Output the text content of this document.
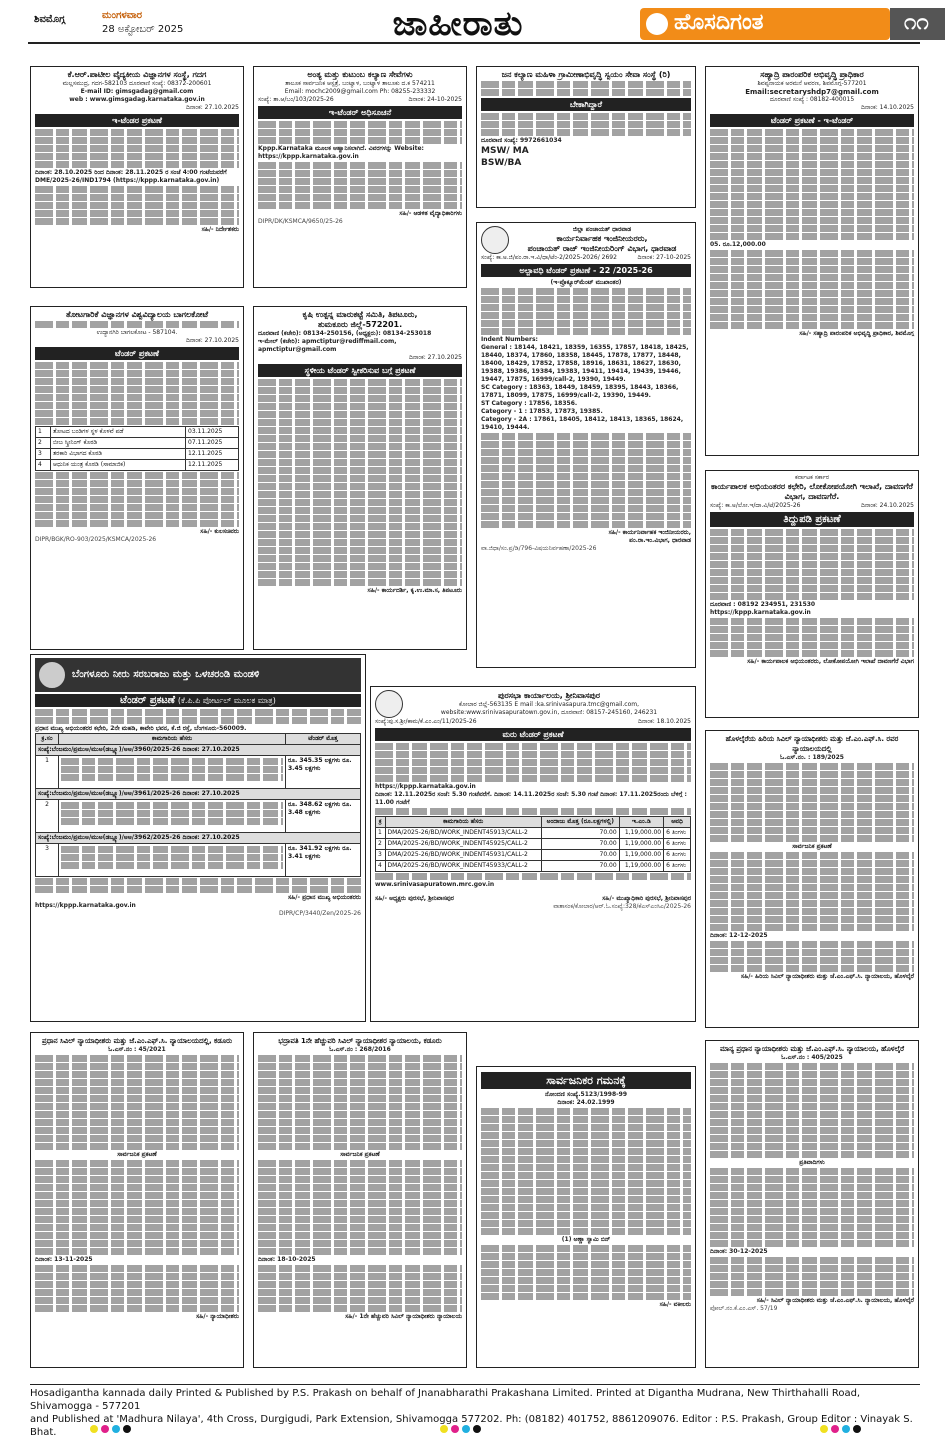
ಶಿವಮೊಗ್ಗ	ಮಂಗಳವಾರ
28 ಅಕ್ಟೋಬರ್ 2025	ಜಾಹೀರಾತು	ಹೊಸದಿಗಂತ	೧೧
ಕೆ.ಆರ್.ಪಾಟೀಲ ವೈದ್ಯಕೀಯ ವಿಜ್ಞಾನಗಳ ಸಂಸ್ಥೆ, ಗದಗ
ಮಲ್ಲಸಮುದ್ರ, ಗದಗ-582103 ದೂರವಾಣಿ ಸಂಖ್ಯೆ: 08372-200601
E-mail ID: gimsgadag@gmail.com
web : www.gimsgadag.karnataka.gov.in
ದಿನಾಂಕ: 27.10.2025
ಇ-ಟೆಂಡರ ಪ್ರಕಟಣೆ
ದಿನಾಂಕ: 28.10.2025 ರಿಂದ ದಿನಾಂಕ: 28.11.2025 ರ ಸಂಜೆ 4:00 ಗಂಟೆಯವರೆಗೆ DME/2025-26/IND1794 (https://kppp.karnataka.gov.in)
ಸಹಿ/- ನಿರ್ದೇಶಕರು
ಅಂತ್ಯ ಮತ್ತು ಕುಟುಂಬ ಕಲ್ಯಾಣ ಸೇವೆಗಳು
ತಾಲೂಕ ಸಾರ್ವಜನಿಕ ಆಸ್ಪತ್ರೆ, ಬಂಟ್ವಾಳ, ಬಂಟ್ವಾಳ ತಾಲೂಕು ದ.ಕ 574211
Email: mochc2009@gmail.com Ph: 08255-233332
ಸಂಖ್ಯೆ: ತಾ.ಆ/ಬಂ/103/2025-26	ದಿನಾಂಕ: 24-10-2025
ಇ-ಟೆಂಡರ್ ಅಧಿಸೂಚನೆ
Kppp.Karnataka ಮೂಲಕ ಆಹ್ವಾನಿಸಲಾಗಿದೆ. ವಿವರಗಳನ್ನು Website: https://kppp.karnataka.gov.in
ಸಹಿ/- ಆಡಳಿತ ವೈದ್ಯಾಧಿಕಾರಿಗಳು
DIPR/DK/KSMCA/9650/25-26
ಜನ ಕಲ್ಯಾಣ ಮಹಿಳಾ ಗ್ರಾಮೀಣಾಭಿವೃದ್ಧಿ ಸ್ವಯಂ ಸೇವಾ ಸಂಸ್ಥೆ (ರಿ)
ಬೇಕಾಗಿದ್ದಾರೆ
ದೂರವಾಣಿ ಸಂಖ್ಯೆ: 9972661034
MSW/ MA
BSW/BA
ಸಹ್ಯಾದ್ರಿ ಪಾರಂಪರಿಕ ಅಭಿವೃದ್ಧಿ ಪ್ರಾಧಿಕಾರ
ಶಿವಪ್ಪನಾಯಕ ಅರಮನೆ ಆವರಣ, ಶಿವಮೊಗ್ಗ-577201
Email:secretaryshdp7@gmail.com
ದೂರವಾಣಿ ಸಂಖ್ಯೆ : 08182-400015
ದಿನಾಂಕ: 14.10.2025
ಟೆಂಡರ್ ಪ್ರಕಟಣೆ - ಇ-ಟೆಂಡರ್
05. ರೂ.12,000.00
ಸಹಿ/- ಸಹ್ಯಾದ್ರಿ ಪಾರಂಪರಿಕ ಅಭಿವೃದ್ಧಿ ಪ್ರಾಧಿಕಾರ, ಶಿವಮೊಗ್ಗ
ಜಿಲ್ಲಾ ಪಂಚಾಯತ್ ಧಾರವಾಡ
ಕಾರ್ಯನಿರ್ವಾಹಕ ಇಂಜಿನೀಯರರು,
ಪಂಚಾಯತ್ ರಾಜ್ ಇಂಜಿನೀಯರಿಂಗ್ ವಿಭಾಗ, ಧಾರವಾಡ
ಸಂಖ್ಯೆ: ಕಾ.ಅ.ಜಿ/ಪಂ.ರಾ.ಇ.ವಿ/ಧಾ/ಟೆಂ-2/2025-2026/ 2692	ದಿನಾಂಕ: 27-10-2025
ಅಲ್ಪಾವಧಿ ಟೆಂಡರ್ ಪ್ರಕಟಣೆ - 22 /2025-26
(ಇ-ಪ್ರೊಕ್ಯೂರ್‌ಮೆಂಟ್ ಮುಖಾಂತರ)
Indent Numbers:
General : 18144, 18421, 18359, 16355, 17857, 18418, 18425, 18440, 18374, 17860, 18358, 18445, 17878, 17877, 18448, 18400, 18429, 17852, 17858, 18916, 18631, 18627, 18630, 19388, 19386, 19384, 19383, 19411, 19414, 19439, 19446, 19447, 17875, 16999/call-2, 19390, 19449.
SC Category : 18363, 18449, 18459, 18395, 18443, 18366, 17871, 18099, 17875, 16999/call-2, 19390, 19449.
ST Category : 17856, 18356.
Category - 1 : 17853, 17873, 19385.
Category - 2A : 17861, 18405, 18412, 18413, 18365, 18624, 19410, 19444.
ಸಹಿ/- ಕಾರ್ಯನಿರ್ವಾಹಕ ಇಂಜಿನೀಯರರು,
ಪಂ.ರಾ.ಇಂ.ವಿಭಾಗ, ಧಾರವಾಡ
ವಾ.ಜಿಧಾ/ಸಂ.ಪ್ರ/ಡಿ/796-ವಿಷಯನಿರ್ವಹಣಾ/2025-26
ತೋಟಗಾರಿಕೆ ವಿಜ್ಞಾನಗಳ ವಿಶ್ವವಿದ್ಯಾಲಯ ಬಾಗಲಕೋಟೆ
ಉದ್ಯಾನಗಿರಿ ಬಾಗಲಕೋಟ - 587104.
ದಿನಾಂಕ: 27.10.2025
ಟೆಂಡರ್ ಪ್ರಕಟಣೆ
1	ತೋಟದ ಬಂಡಿಗಳ ಸ್ಥಳ ಕೊಳವೆ ಪಡೆ	03.11.2025
2	ಬೀಜ ಸ್ಕ್ರೀನಿಂಗ್ ಕೊಠಡಿ	07.11.2025
3	ತರಕಾರಿ ವಿಭಾಗದ ಕೊಠಡಿ	12.11.2025
4	ಆಧುನಿಕ ಯಂತ್ರ ಕೊಠಡಿ (ಸಾಮಾಜಿಕ)	12.11.2025
ಸಹಿ/- ಕುಲಸಚಿವರು
DIPR/BGK/RO-903/2025/KSMCA/2025-26
ಕೃಷಿ ಉತ್ಪನ್ನ ಮಾರುಕಟ್ಟೆ ಸಮಿತಿ, ತಿಪಟೂರು,
ತುಮಕೂರು ಜಿಲ್ಲೆ-572201.
ದೂರವಾಣಿ (ಕಚೇರಿ): 08134-250156, (ಅಧ್ಯಕ್ಷರು): 08134-253018
ಇ-ಮೇಲ್ (ಕಚೇರಿ): apmctiptur@rediffmail.com, apmctiptur@gmail.com
ದಿನಾಂಕ: 27.10.2025
ಸ್ಥಳೀಯ ಟೆಂಡರ್ ಸ್ವೀಕರಿಸುವ ಬಗ್ಗೆ ಪ್ರಕಟಣೆ
ಸಹಿ/- ಕಾರ್ಯದರ್ಶಿ, ಕೃ.ಉ.ಮಾ.ಸ, ತಿಪಟೂರು
ಕರ್ನಾಟಕ ಸರ್ಕಾರ
ಕಾರ್ಯಪಾಲಕ ಅಭಿಯಂತರರ ಕಛೇರಿ, ಲೋಕೋಪಯೋಗಿ ಇಲಾಖೆ, ದಾವಣಗೆರೆ ವಿಭಾಗ, ದಾವಣಗೆರೆ.
ಸಂಖ್ಯೆ: ಕಾ.ಅ/ಲೋ.ಇ/ದಾ.ವಿ/ಟೆ/2025-26	ದಿನಾಂಕ: 24.10.2025
ತಿದ್ದುಪಡಿ ಪ್ರಕಟಣೆ
ದೂರವಾಣಿ : 08192 234951, 231530
https://kppp.karnataka.gov.in
ಸಹಿ/- ಕಾರ್ಯಪಾಲಕ ಅಭಿಯಂತರರು, ಲೋಕೋಪಯೋಗಿ ಇಲಾಖೆ ದಾವಣಗೆರೆ ವಿಭಾಗ
ಬೆಂಗಳೂರು ನೀರು ಸರಬರಾಜು ಮತ್ತು ಒಳಚರಂಡಿ ಮಂಡಳಿ
ಟೆಂಡರ್ ಪ್ರಕಟಣೆ (ಕೆ.ಪಿ.ಪಿ ಪೋರ್ಟಲ್ ಮೂಲಕ ಮಾತ್ರ)
ಪ್ರಧಾನ ಮುಖ್ಯ ಅಭಿಯಂತರರ ಕಛೇರಿ, 2ನೇ ಮಹಡಿ, ಕಾವೇರಿ ಭವನ, ಕೆ.ಜಿ ರಸ್ತೆ, ಬೆಂಗಳೂರು-560009.
ಕ್ರ.ಸಂ	ಕಾಮಗಾರಿಯ ಹೆಸರು	ಟೆಂಡರ್ ಮೊತ್ತ
ಸಂಖ್ಯೆ:ಬೆಂಜಮಂ/ಪ್ರಮುಅ/ಮುಅ(ಡಬ್ಲ್ಯೂ)/ಅಅ/3960/2025-26 ದಿನಾಂಕ: 27.10.2025		
1		ರೂ. 345.35 ಲಕ್ಷಗಳು ರೂ. 3.45 ಲಕ್ಷಗಳು
ಸಂಖ್ಯೆ:ಬೆಂಜಮಂ/ಪ್ರಮುಅ/ಮುಅ(ಡಬ್ಲ್ಯೂ)/ಅಅ/3961/2025-26 ದಿನಾಂಕ: 27.10.2025		
2		ರೂ. 348.62 ಲಕ್ಷಗಳು ರೂ. 3.48 ಲಕ್ಷಗಳು
ಸಂಖ್ಯೆ:ಬೆಂಜಮಂ/ಪ್ರಮುಅ/ಮುಅ(ಡಬ್ಲ್ಯೂ)/ಅಅ/3962/2025-26 ದಿನಾಂಕ: 27.10.2025		
3		ರೂ. 341.92 ಲಕ್ಷಗಳು ರೂ. 3.41 ಲಕ್ಷಗಳು
ಸಹಿ/- ಪ್ರಧಾನ ಮುಖ್ಯ ಅಭಿಯಂತರರು
https://kppp.karnataka.gov.in
DIPR/CP/3440/Zen/2025-26
ಪುರಸಭಾ ಕಾರ್ಯಾಲಯ, ಶ್ರೀನಿವಾಸಪುರ
ಕೋಲಾರ ಜಿಲ್ಲೆ-563135 E mail :ka.srinivasapura.tmc@gmail.com,
website:www.srinivasapuratown.gov.in, ದೂರವಾಣಿ: 08157-245160, 246231
ಸಂಖ್ಯೆ:ಪು.ಸ.ಶ್ರೀ/ಕಾಮ/ಕೆ.ಎಂ.ಎಂ/11/2025-26	ದಿನಾಂಕ: 18.10.2025
ಮರು ಟೆಂಡರ್ ಪ್ರಕಟಣೆ
https://kppp.karnataka.gov.in
ದಿನಾಂಕ: 12.11.2025ರ ಸಂಜೆ: 5.30 ಗಂಟೆವರೆಗೆ. ದಿನಾಂಕ: 14.11.2025ರ ಸಂಜೆ: 5.30 ಗಂಟೆ ದಿನಾಂಕ: 17.11.2025ರಂದು ಬೆಳಿಗ್ಗೆ : 11.00 ಗಂಟೆಗೆ
ಕ್ರ	ಕಾಮಗಾರಿಯ ಹೆಸರು	ಅಂದಾಜು ಮೊತ್ತ (ರೂ.ಲಕ್ಷಗಳಲ್ಲಿ)	ಇ.ಎಂ.ಡಿ	ಅವಧಿ
1	DMA/2025-26/BD/WORK_INDENT45913/CALL-2	70.00	1,19,000.00	6 ತಿಂಗಳು
2	DMA/2025-26/BD/WORK_INDENT45925/CALL-2	70.00	1,19,000.00	6 ತಿಂಗಳು
3	DMA/2025-26/BD/WORK_INDENT45931/CALL-2	70.00	1,19,000.00	6 ತಿಂಗಳು
4	DMA/2025-26/BD/WORK_INDENT45933/CALL-2	70.00	1,19,000.00	6 ತಿಂಗಳು
www.srinivasapuratown.mrc.gov.in
ಸಹಿ/- ಅಧ್ಯಕ್ಷರು ಪುರಸಭೆ, ಶ್ರೀನಿವಾಸಪುರ	ಸಹಿ/- ಮುಖ್ಯಾಧಿಕಾರಿ ಪುರಸಭೆ, ಶ್ರೀನಿವಾಸಪುರ
ವಾತಾಸಂಕ/ಕೋಲಾರ/ಆರ್.ಓ.ಸಂಖ್ಯೆ:328/ಕೆಎಸ್ಎಂಸಿಎ/2025-26
ಹೊಳಲ್ಕೆರೆಯ ಹಿರಿಯ ಸಿವಿಲ್ ನ್ಯಾಯಾಧೀಶರು ಮತ್ತು ಜೆ.ಎಂ.ಎಫ್.ಸಿ. ರವರ ನ್ಯಾಯಾಲಯದಲ್ಲಿ
ಓ.ಎಸ್.ನಂ. : 189/2025
ಸಾರ್ವಜನಿಕ ಪ್ರಕಟಣೆ
ದಿನಾಂಕ: 12-12-2025
ಸಹಿ/- ಹಿರಿಯ ಸಿವಿಲ್ ನ್ಯಾಯಾಧೀಶರು ಮತ್ತು ಜೆ.ಎಂ.ಎಫ್.ಸಿ. ನ್ಯಾಯಾಲಯ, ಹೊಳಲ್ಕೆರೆ
ಪ್ರಧಾನ ಸಿವಿಲ್ ನ್ಯಾಯಾಧೀಶರು ಮತ್ತು ಜೆ.ಎಂ.ಎಫ್.ಸಿ. ನ್ಯಾಯಾಲಯದಲ್ಲಿ, ಕಡೂರು
ಓ.ಎಸ್.ನಂ : 45/2021
ಸಾರ್ವಜನಿಕ ಪ್ರಕಟಣೆ
ದಿನಾಂಕ: 13-11-2025
ಸಹಿ/- ನ್ಯಾಯಾಧೀಶರು
ಭದ್ರಾವತಿ 1ನೇ ಹೆಚ್ಚುವರಿ ಸಿವಿಲ್ ನ್ಯಾಯಾಧೀಶರ ನ್ಯಾಯಾಲಯ, ಕಡೂರು
ಓ.ಎಸ್.ನಂ : 268/2016
ಸಾರ್ವಜನಿಕ ಪ್ರಕಟಣೆ
ದಿನಾಂಕ: 18-10-2025
ಸಹಿ/- 1ನೇ ಹೆಚ್ಚುವರಿ ಸಿವಿಲ್ ನ್ಯಾಯಾಧೀಶರು ನ್ಯಾಯಾಲಯ
ಸಾರ್ವಜನಿಕರ ಗಮನಕ್ಕೆ
ನೋಂದಣಿ ಸಂಖ್ಯೆ.5123/1998-99
ದಿನಾಂಕ: 24.02.1999
(1) ಅಣ್ಣಾ ಸ್ವಾಮಿ ಬಿನ್
ಸಹಿ/- ವಕೀಲರು
ಮಾನ್ಯ ಪ್ರಧಾನ ನ್ಯಾಯಾಧೀಶರು ಮತ್ತು ಜೆ.ಎಂ.ಎಫ್.ಸಿ. ನ್ಯಾಯಾಲಯ, ಹೊಳಲ್ಕೆರೆ
ಓ.ಎಸ್.ನಂ : 405/2025
ಪ್ರತಿವಾದಿಗಳು
ದಿನಾಂಕ: 30-12-2025
ಸಹಿ/- ಸಿವಿಲ್ ನ್ಯಾಯಾಧೀಶರು ಮತ್ತು ಜೆ.ಎಂ.ಎಫ್.ಸಿ. ನ್ಯಾಯಾಲಯ, ಹೊಳಲ್ಕೆರೆ
ಪೋಲ್.ನಂ.ಕೆ.ಎಂ.ಎಸ್. 57/19
Hosadigantha kannada daily Printed & Published by P.S. Prakash on behalf of Jnanabharathi Prakashana Limited. Printed at Digantha Mudrana, New Thirthahalli Road, Shivamogga - 577201
and Published at 'Madhura Nilaya', 4th Cross, Durgigudi, Park Extension, Shivamogga 577202. Ph: (08182) 401752, 8861209076. Editor : P.S. Prakash, Group Editor : Vinayak S. Bhat.
